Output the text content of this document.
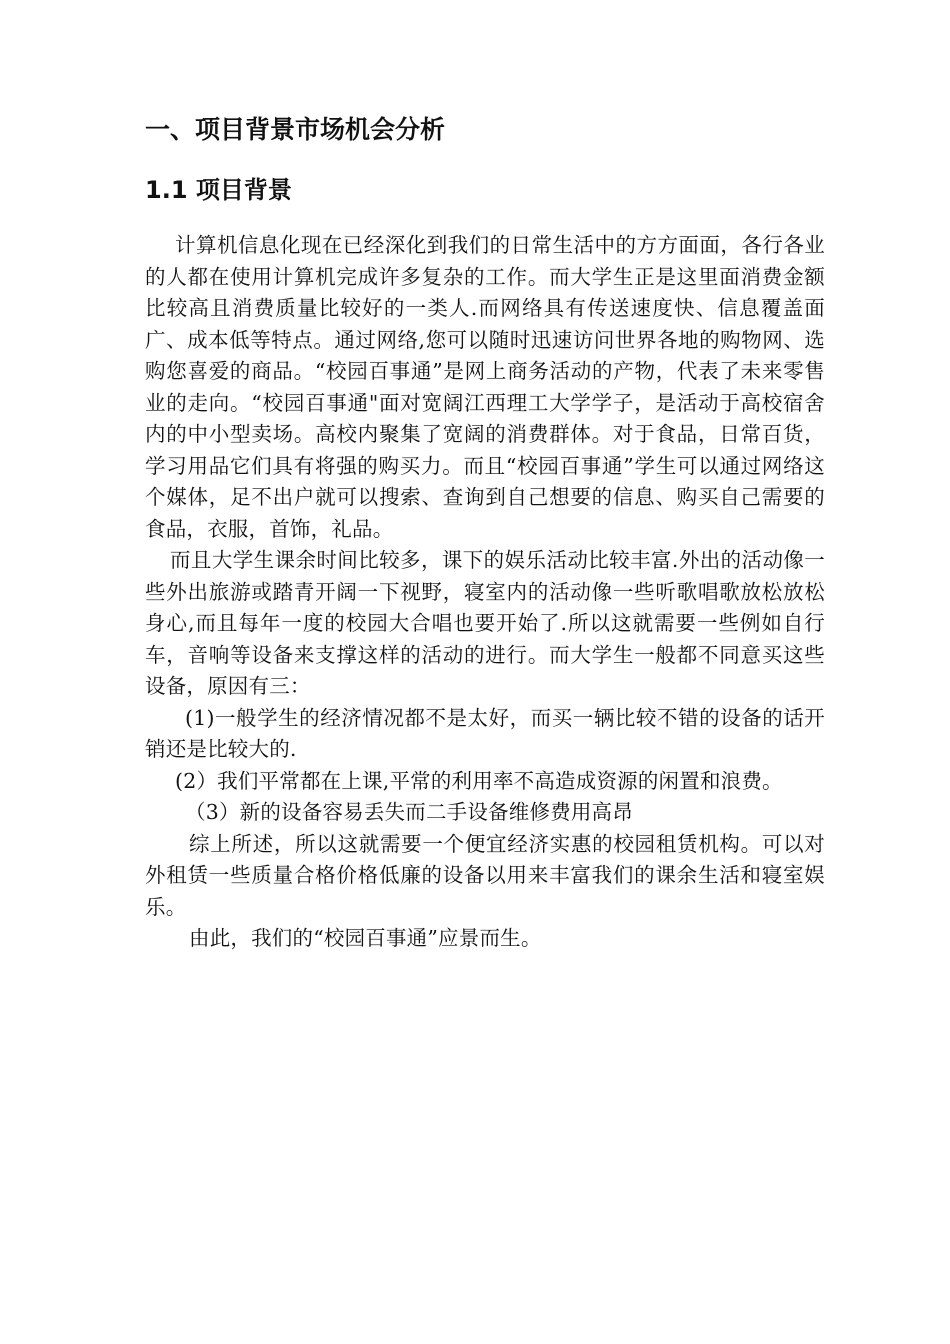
一、项目背景市场机会分析
1.1 项目背景

计算机信息化现在已经深化到我们的日常生活中的方方面面，各行各业的人都在使用计算机完成许多复杂的工作。而大学生正是这里面消费金额比较高且消费质量比较好的一类人.而网络具有传送速度快、信息覆盖面广、成本低等特点。通过网络,您可以随时迅速访问世界各地的购物网、选购您喜爱的商品。“校园百事通”是网上商务活动的产物，代表了未来零售业的走向。“校园百事通"面对宽阔江西理工大学学子，是活动于高校宿舍内的中小型卖场。高校内聚集了宽阔的消费群体。对于食品，日常百货，学习用品它们具有将强的购买力。而且“校园百事通”学生可以通过网络这个媒体，足不出户就可以搜索、查询到自己想要的信息、购买自己需要的食品，衣服，首饰，礼品。

而且大学生课余时间比较多，课下的娱乐活动比较丰富.外出的活动像一些外出旅游或踏青开阔一下视野，寝室内的活动像一些听歌唱歌放松放松身心,而且每年一度的校园大合唱也要开始了.所以这就需要一些例如自行车，音响等设备来支撑这样的活动的进行。而大学生一般都不同意买这些设备，原因有三：

(1)一般学生的经济情况都不是太好，而买一辆比较不错的设备的话开销还是比较大的.

(2）我们平常都在上课,平常的利用率不高造成资源的闲置和浪费。

（3）新的设备容易丢失而二手设备维修费用高昂

综上所述，所以这就需要一个便宜经济实惠的校园租赁机构。可以对外租赁一些质量合格价格低廉的设备以用来丰富我们的课余生活和寝室娱乐。

由此，我们的“校园百事通”应景而生。
